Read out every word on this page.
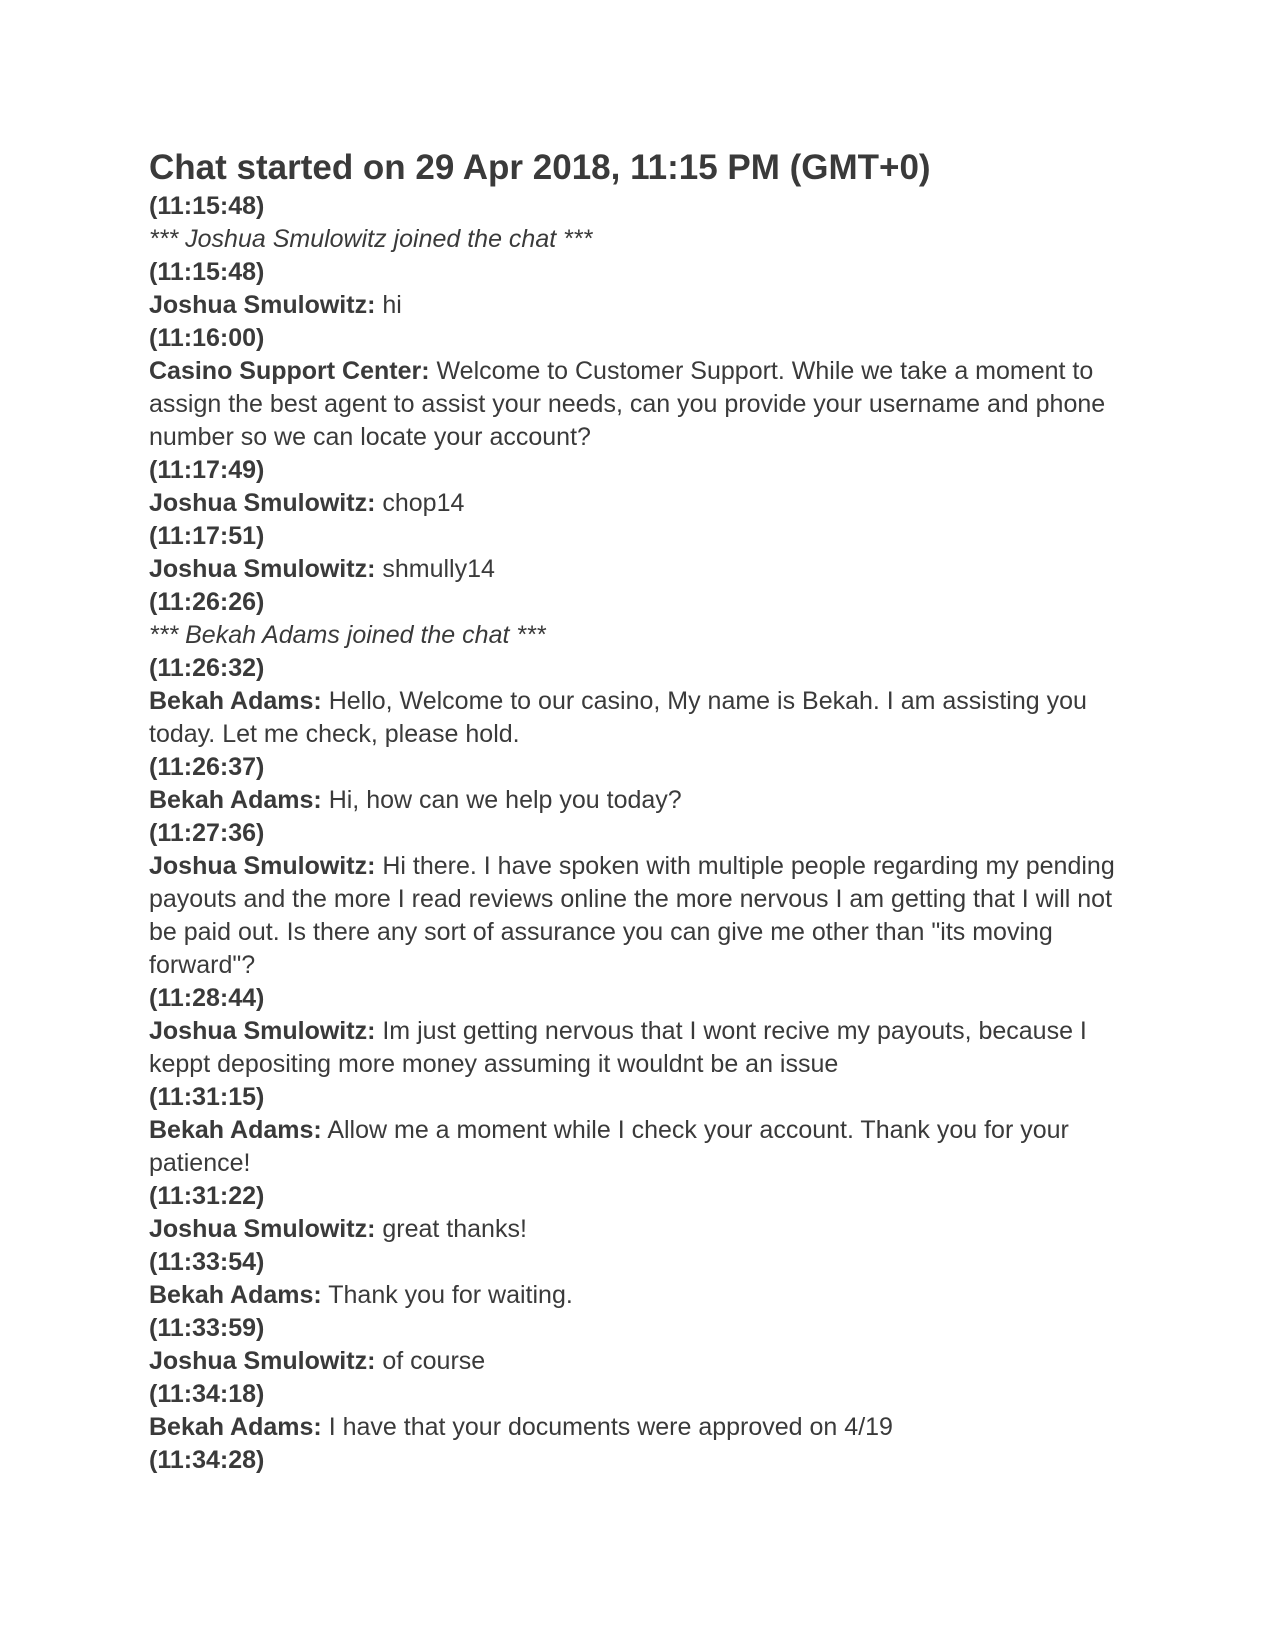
Chat started on 29 Apr 2018, 11:15 PM (GMT+0)
(11:15:48)
*** Joshua Smulowitz joined the chat ***
(11:15:48)
Joshua Smulowitz: hi
(11:16:00)
Casino Support Center: Welcome to Customer Support. While we take a moment to assign the best agent to assist your needs, can you provide your username and phone number so we can locate your account?
(11:17:49)
Joshua Smulowitz: chop14
(11:17:51)
Joshua Smulowitz: shmully14
(11:26:26)
*** Bekah Adams joined the chat ***
(11:26:32)
Bekah Adams: Hello, Welcome to our casino, My name is Bekah. I am assisting you today. Let me check, please hold.
(11:26:37)
Bekah Adams: Hi, how can we help you today?
(11:27:36)
Joshua Smulowitz: Hi there. I have spoken with multiple people regarding my pending payouts and the more I read reviews online the more nervous I am getting that I will not be paid out. Is there any sort of assurance you can give me other than "its moving forward"?
(11:28:44)
Joshua Smulowitz: Im just getting nervous that I wont recive my payouts, because I keppt depositing more money assuming it wouldnt be an issue
(11:31:15)
Bekah Adams: Allow me a moment while I check your account. Thank you for your patience!
(11:31:22)
Joshua Smulowitz: great thanks!
(11:33:54)
Bekah Adams: Thank you for waiting.
(11:33:59)
Joshua Smulowitz: of course
(11:34:18)
Bekah Adams: I have that your documents were approved on 4/19
(11:34:28)
